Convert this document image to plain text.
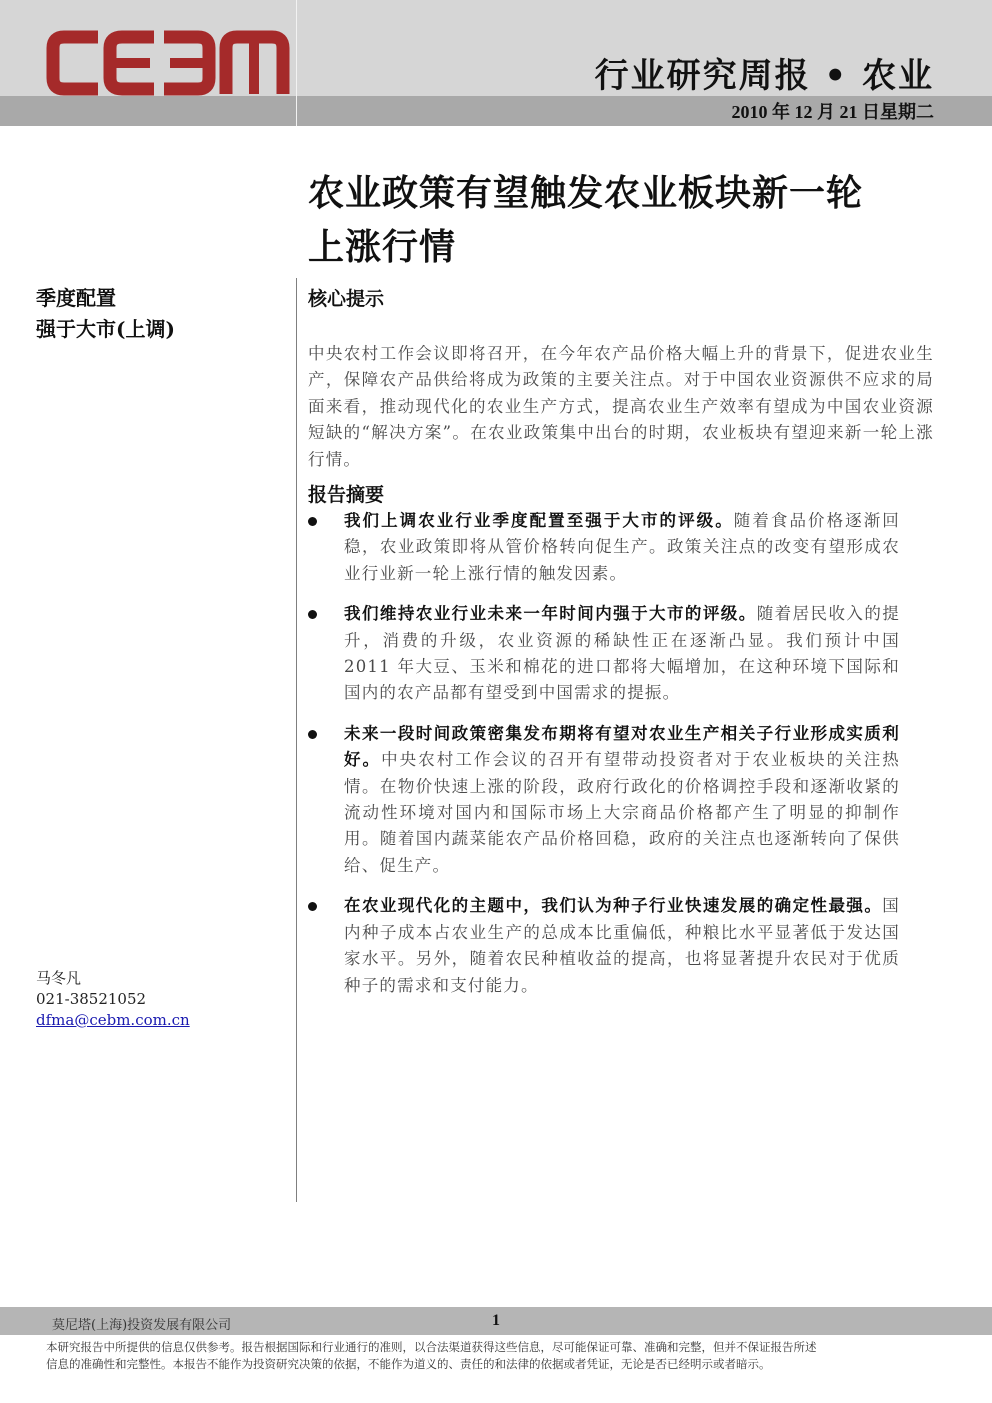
行业研究周报 • 农业
2010 年 12 月 21 日星期二
农业政策有望触发农业板块新一轮
上涨行情
季度配置
强于大市(上调)
马冬凡
021-38521052
dfma@cebm.com.cn
核心提示

中央农村工作会议即将召开，在今年农产品价格大幅上升的背景下，促进农业生产，保障农产品供给将成为政策的主要关注点。对于中国农业资源供不应求的局面来看，推动现代化的农业生产方式，提高农业生产效率有望成为中国农业资源短缺的“解决方案”。在农业政策集中出台的时期，农业板块有望迎来新一轮上涨行情。

报告摘要
我们上调农业行业季度配置至强于大市的评级。随着食品价格逐渐回稳，农业政策即将从管价格转向促生产。政策关注点的改变有望形成农业行业新一轮上涨行情的触发因素。
我们维持农业行业未来一年时间内强于大市的评级。随着居民收入的提升，消费的升级，农业资源的稀缺性正在逐渐凸显。我们预计中国 2011 年大豆、玉米和棉花的进口都将大幅增加，在这种环境下国际和国内的农产品都有望受到中国需求的提振。
未来一段时间政策密集发布期将有望对农业生产相关子行业形成实质利好。中央农村工作会议的召开有望带动投资者对于农业板块的关注热情。在物价快速上涨的阶段，政府行政化的价格调控手段和逐渐收紧的流动性环境对国内和国际市场上大宗商品价格都产生了明显的抑制作用。随着国内蔬菜能农产品价格回稳，政府的关注点也逐渐转向了保供给、促生产。
在农业现代化的主题中，我们认为种子行业快速发展的确定性最强。国内种子成本占农业生产的总成本比重偏低，种粮比水平显著低于发达国家水平。另外，随着农民种植收益的提高，也将显著提升农民对于优质种子的需求和支付能力。
莫尼塔(上海)投资发展有限公司	1
本研究报告中所提供的信息仅供参考。报告根据国际和行业通行的准则，以合法渠道获得这些信息，尽可能保证可靠、准确和完整，但并不保证报告所述
信息的准确性和完整性。本报告不能作为投资研究决策的依据，不能作为道义的、责任的和法律的依据或者凭证，无论是否已经明示或者暗示。
